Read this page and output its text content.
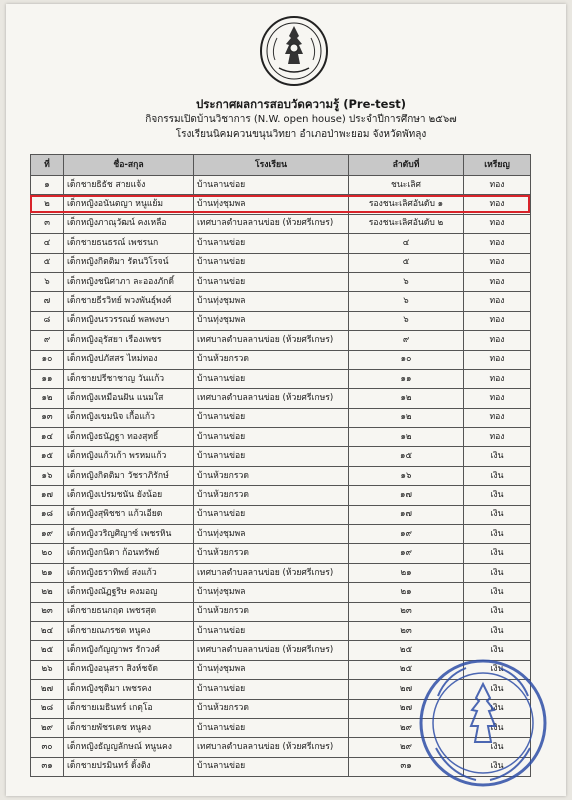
ประกาศผลการสอบวัดความรู้ (Pre-test)
กิจกรรมเปิดบ้านวิชาการ (N.W. open house) ประจำปีการศึกษา ๒๕๖๗
โรงเรียนนิคมควนขนุนวิทยา อำเภอป่าพะยอม จังหวัดพัทลุง
ที่	ชื่อ-สกุล	โรงเรียน	ลำดับที่	เหรียญ
๑	เด็กชายธิธัช สายแจ้ง	บ้านลานข่อย	ชนะเลิศ	ทอง
๒	เด็กหญิงอนันตญา หนูแย้ม	บ้านทุ่งชุมพล	รองชนะเลิศอันดับ ๑	ทอง
๓	เด็กหญิงภาณุวัฒน์ คงเหลือ	เทศบาลตำบลลานข่อย (ห้วยศรีเกษร)	รองชนะเลิศอันดับ ๒	ทอง
๔	เด็กชายธนธรณ์ เพชรนก	บ้านลานข่อย	๔	ทอง
๕	เด็กหญิงกิตติมา รัตนวิโรจน์	บ้านลานข่อย	๕	ทอง
๖	เด็กหญิงชนิศาภา ละอองภักดิ์	บ้านลานข่อย	๖	ทอง
๗	เด็กชายธีรวิทย์ พวงพันธุ์พงศ์	บ้านทุ่งชุมพล	๖	ทอง
๘	เด็กหญิงนรวรรณย์ พลพงษา	บ้านทุ่งชุมพล	๖	ทอง
๙	เด็กหญิงอุรัสยา เรืองเพชร	เทศบาลตำบลลานข่อย (ห้วยศรีเกษร)	๙	ทอง
๑๐	เด็กหญิงปภัสสร ไหม่ทอง	บ้านห้วยกรวด	๑๐	ทอง
๑๑	เด็กชายปรีชาชาญ วันแก้ว	บ้านลานข่อย	๑๑	ทอง
๑๒	เด็กหญิงเหมือนฝัน แนมใส	เทศบาลตำบลลานข่อย (ห้วยศรีเกษร)	๑๒	ทอง
๑๓	เด็กหญิงเขมนิจ เกื้อแก้ว	บ้านลานข่อย	๑๒	ทอง
๑๔	เด็กหญิงธนัฏฐา ทองสุทธิ์	บ้านลานข่อย	๑๒	ทอง
๑๕	เด็กหญิงแก้วเก้า พรหมแก้ว	บ้านลานข่อย	๑๕	เงิน
๑๖	เด็กหญิงกิตติมา วัชราภิรักษ์	บ้านห้วยกรวด	๑๖	เงิน
๑๗	เด็กหญิงเปรมชนัน ยังน้อย	บ้านห้วยกรวด	๑๗	เงิน
๑๘	เด็กหญิงสุพิชชา แก้วเอียด	บ้านลานข่อย	๑๗	เงิน
๑๙	เด็กหญิงวริญศิญาซ์ เพชรหิน	บ้านทุ่งชุมพล	๑๙	เงิน
๒๐	เด็กหญิงกนิดา ก้อนทรัพย์	บ้านห้วยกรวด	๑๙	เงิน
๒๑	เด็กหญิงธราทิพย์ สงแก้ว	เทศบาลตำบลลานข่อย (ห้วยศรีเกษร)	๒๑	เงิน
๒๒	เด็กหญิงณัฏฐริษ คงมอญ	บ้านทุ่งชุมพล	๒๑	เงิน
๒๓	เด็กชายธนกฤต เพชรสุด	บ้านห้วยกรวด	๒๓	เงิน
๒๔	เด็กชายณภรชต หนูคง	บ้านลานข่อย	๒๓	เงิน
๒๕	เด็กหญิงกัญญาพร รักวงศ์	เทศบาลตำบลลานข่อย (ห้วยศรีเกษร)	๒๕	เงิน
๒๖	เด็กหญิงอนุสรา สิงห์ชจัด	บ้านทุ่งชุมพล	๒๕	เงิน
๒๗	เด็กหญิงชุติมา เพชรคง	บ้านลานข่อย	๒๗	เงิน
๒๘	เด็กชายเมธินทร์ เกตุโอ	บ้านห้วยกรวด	๒๗	เงิน
๒๙	เด็กชายพัชรเดช หนูคง	บ้านลานข่อย	๒๙	เงิน
๓๐	เด็กหญิงธัญญลักษณ์ หนูนคง	เทศบาลตำบลลานข่อย (ห้วยศรีเกษร)	๒๙	เงิน
๓๑	เด็กชายปรมินทร์ ดิ้งติง	บ้านลานข่อย	๓๑	เงิน
